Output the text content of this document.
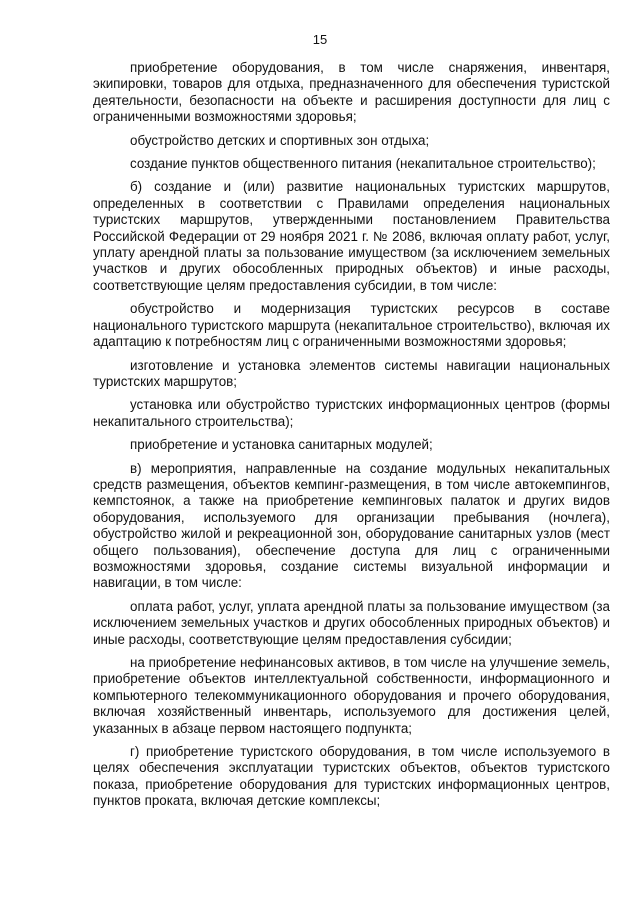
15

приобретение оборудования, в том числе снаряжения, инвентаря, экипировки, товаров для отдыха, предназначенного для обеспечения туристской деятельности, безопасности на объекте и расширения доступности для лиц с ограниченными возможностями здоровья;

обустройство детских и спортивных зон отдыха;

создание пунктов общественного питания (некапитальное строительство);

б) создание и (или) развитие национальных туристских маршрутов, определенных в соответствии с Правилами определения национальных туристских маршрутов, утвержденными постановлением Правительства Российской Федерации от 29 ноября 2021 г. № 2086, включая оплату работ, услуг, уплату арендной платы за пользование имуществом (за исключением земельных участков и других обособленных природных объектов) и иные расходы, соответствующие целям предоставления субсидии, в том числе:

обустройство и модернизация туристских ресурсов в составе национального туристского маршрута (некапитальное строительство), включая их адаптацию к потребностям лиц с ограниченными возможностями здоровья;

изготовление и установка элементов системы навигации национальных туристских маршрутов;

установка или обустройство туристских информационных центров (формы некапитального строительства);

приобретение и установка санитарных модулей;

в) мероприятия, направленные на создание модульных некапитальных средств размещения, объектов кемпинг-размещения, в том числе автокемпингов, кемпстоянок, а также на приобретение кемпинговых палаток и других видов оборудования, используемого для организации пребывания (ночлега), обустройство жилой и рекреационной зон, оборудование санитарных узлов (мест общего пользования), обеспечение доступа для лиц с ограниченными возможностями здоровья, создание системы визуальной информации и навигации, в том числе:

оплата работ, услуг, уплата арендной платы за пользование имуществом (за исключением земельных участков и других обособленных природных объектов) и иные расходы, соответствующие целям предоставления субсидии;

на приобретение нефинансовых активов, в том числе на улучшение земель, приобретение объектов интеллектуальной собственности, информационного и компьютерного телекоммуникационного оборудования и прочего оборудования, включая хозяйственный инвентарь, используемого для достижения целей, указанных в абзаце первом настоящего подпункта;

г) приобретение туристского оборудования, в том числе используемого в целях обеспечения эксплуатации туристских объектов, объектов туристского показа, приобретение оборудования для туристских информационных центров, пунктов проката, включая детские комплексы;
